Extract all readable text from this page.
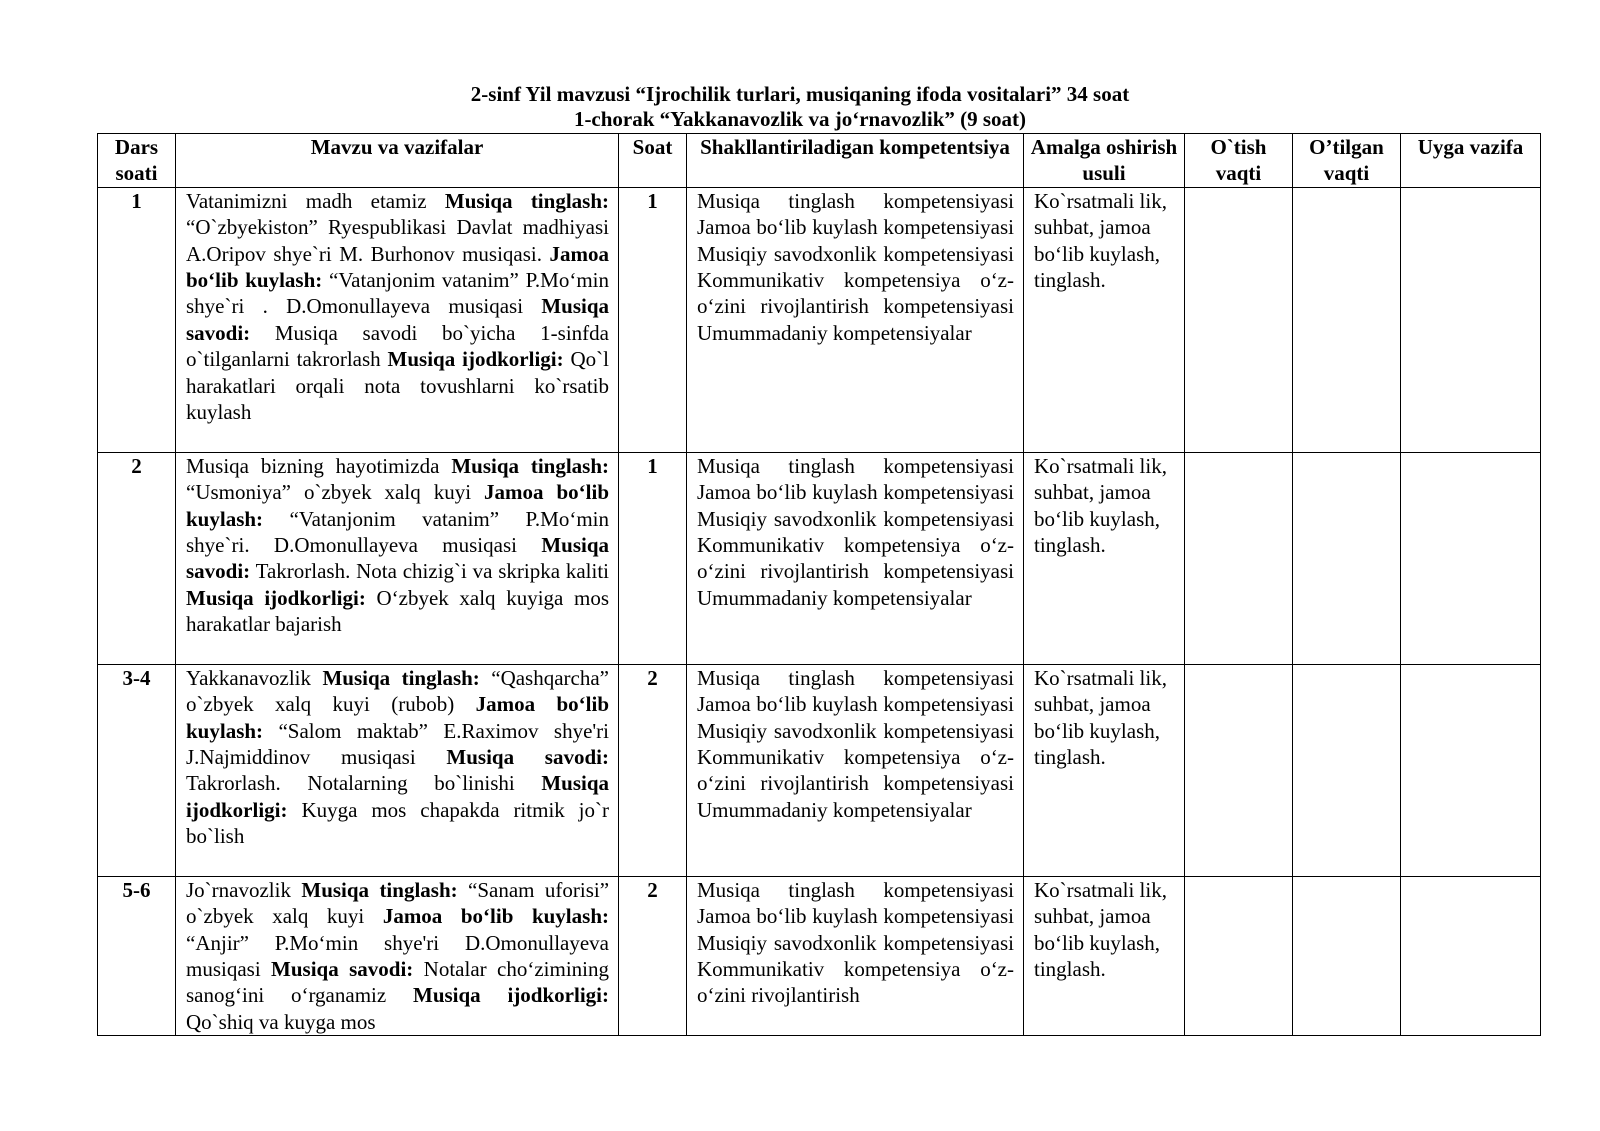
2-sinf Yil mavzusi “Ijrochilik turlari, musiqaning ifoda vositalari” 34 soat
1-chorak “Yakkanavozlik va jo‘rnavozlik” (9 soat)
Dars soati	Mavzu va vazifalar	Soat	Shakllantiriladigan kompetentsiya	Amalga oshirish usuli	O`tish vaqti	O’tilgan vaqti	Uyga vazifa
1	Vatanimizni madh etamiz Musiqa tinglash: “O`zbyekiston” Ryespublikasi Davlat madhiyasi A.Oripov shye`ri M. Burhonov musiqasi. Jamoa bo‘lib kuylash: “Vatanjonim vatanim” P.Mo‘min shye`ri . D.Omonullayeva musiqasi Musiqa savodi: Musiqa savodi bo`yicha 1-sinfda o`tilganlarni takrorlash Musiqa ijodkorligi: Qo`l harakatlari orqali nota tovushlarni ko`rsatib kuylash	1	Musiqa tinglash kompetensiyasi Jamoa bo‘lib kuylash kompetensiyasi Musiqiy savodxonlik kompetensiyasi Kommunikativ kompetensiya o‘z-o‘zini rivojlantirish kompetensiyasi Umummadaniy kompetensiyalar	Ko`rsatmali lik, suhbat, jamoa bo‘lib kuylash, tinglash.			
2	Musiqa bizning hayotimizda Musiqa tinglash: “Usmoniya” o`zbyek xalq kuyi Jamoa bo‘lib kuylash: “Vatanjonim vatanim” P.Mo‘min shye`ri. D.Omonullayeva musiqasi Musiqa savodi: Takrorlash. Nota chizig`i va skripka kaliti Musiqa ijodkorligi: O‘zbyek xalq kuyiga mos harakatlar bajarish	1	Musiqa tinglash kompetensiyasi Jamoa bo‘lib kuylash kompetensiyasi Musiqiy savodxonlik kompetensiyasi Kommunikativ kompetensiya o‘z-o‘zini rivojlantirish kompetensiyasi Umummadaniy kompetensiyalar	Ko`rsatmali lik, suhbat, jamoa bo‘lib kuylash, tinglash.			
3-4	Yakkanavozlik Musiqa tinglash: “Qashqarcha” o`zbyek xalq kuyi (rubob) Jamoa bo‘lib kuylash: “Salom maktab” E.Raximov shye'ri J.Najmiddinov musiqasi Musiqa savodi: Takrorlash. Notalarning bo`linishi Musiqa ijodkorligi: Kuyga mos chapakda ritmik jo`r bo`lish	2	Musiqa tinglash kompetensiyasi Jamoa bo‘lib kuylash kompetensiyasi Musiqiy savodxonlik kompetensiyasi Kommunikativ kompetensiya o‘z-o‘zini rivojlantirish kompetensiyasi Umummadaniy kompetensiyalar	Ko`rsatmali lik, suhbat, jamoa bo‘lib kuylash, tinglash.			
5-6	Jo`rnavozlik Musiqa tinglash: “Sanam uforisi” o`zbyek xalq kuyi Jamoa bo‘lib kuylash: “Anjir” P.Mo‘min shye'ri D.Omonullayeva musiqasi Musiqa savodi: Notalar cho‘zimining sanog‘ini o‘rganamiz Musiqa ijodkorligi: Qo`shiq va kuyga mos	2	Musiqa tinglash kompetensiyasi Jamoa bo‘lib kuylash kompetensiyasi Musiqiy savodxonlik kompetensiyasi Kommunikativ kompetensiya o‘z-o‘zini rivojlantirish	Ko`rsatmali lik, suhbat, jamoa bo‘lib kuylash, tinglash.			
